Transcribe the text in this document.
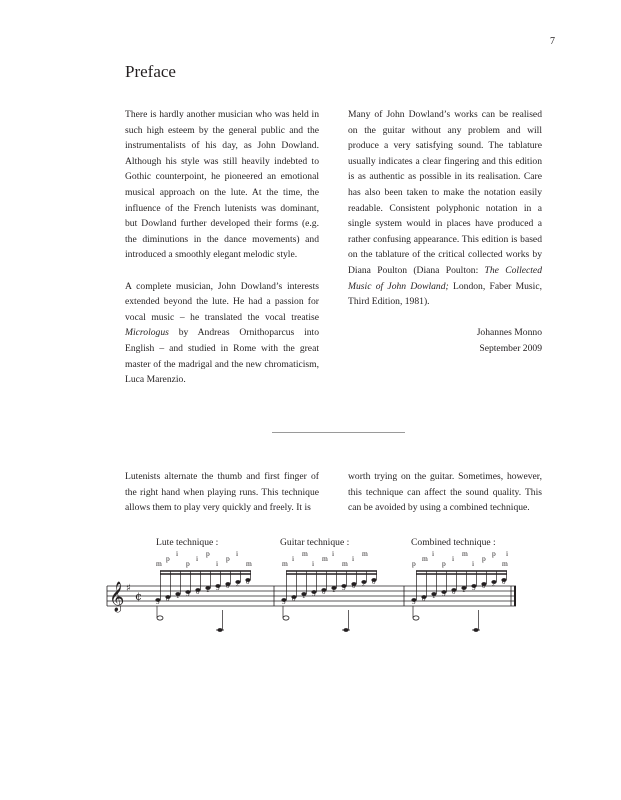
7
Preface

There is hardly another musician who was held in such high esteem by the general public and the instrumentalists of his day, as John Dowland. Although his style was still heavily indebted to Gothic counterpoint, he pioneered an emotional musical approach on the lute. At the time, the influence of the French lutenists was dominant, but Dowland further developed their forms (e.g. the diminutions in the dance movements) and introduced a smoothly elegant melodic style.

A complete musician, John Dowland’s interests extended beyond the lute. He had a passion for vocal music – he translated the vocal treatise Micrologus by Andreas Ornithoparcus into English – and studied in Rome with the great master of the madrigal and the new chromaticism, Luca Marenzio.

Many of John Dowland’s works can be realised on the guitar without any problem and will produce a very satisfying sound. The tablature usually indicates a clear fingering and this edition is as authentic as possible in its realisation. Care has also been taken to make the notation easily readable. Consistent polyphonic notation in a single system would in places have produced a rather confusing appearance. This edition is based on the tablature of the critical collected works by Diana Poulton (Diana Poulton: The Collected Music of John Dowland; London, Faber Music, Third Edition, 1981).

Johannes Monno
September 2009
Lutenists alternate the thumb and first finger of the right hand when playing runs. This technique allows them to play very quickly and freely. It is
worth trying on the guitar. Sometimes, however, this technique can affect the sound quality. This can be avoided by using a combined technique.
Lute technique :	Guitar technique :	Combined technique :
𝄞 ♯
¢ 3
m
0
p
1
i
3
p
0
i
1
p
3
i
0
p
2
i
0
m
3
m
0
i
1
m
3
i
0
m
1
i
3
m
0
i
2
m
0
3
p
0
m
1
i
3
p
0
i
1
m
3
i
0
p
2
p
0
m
i
